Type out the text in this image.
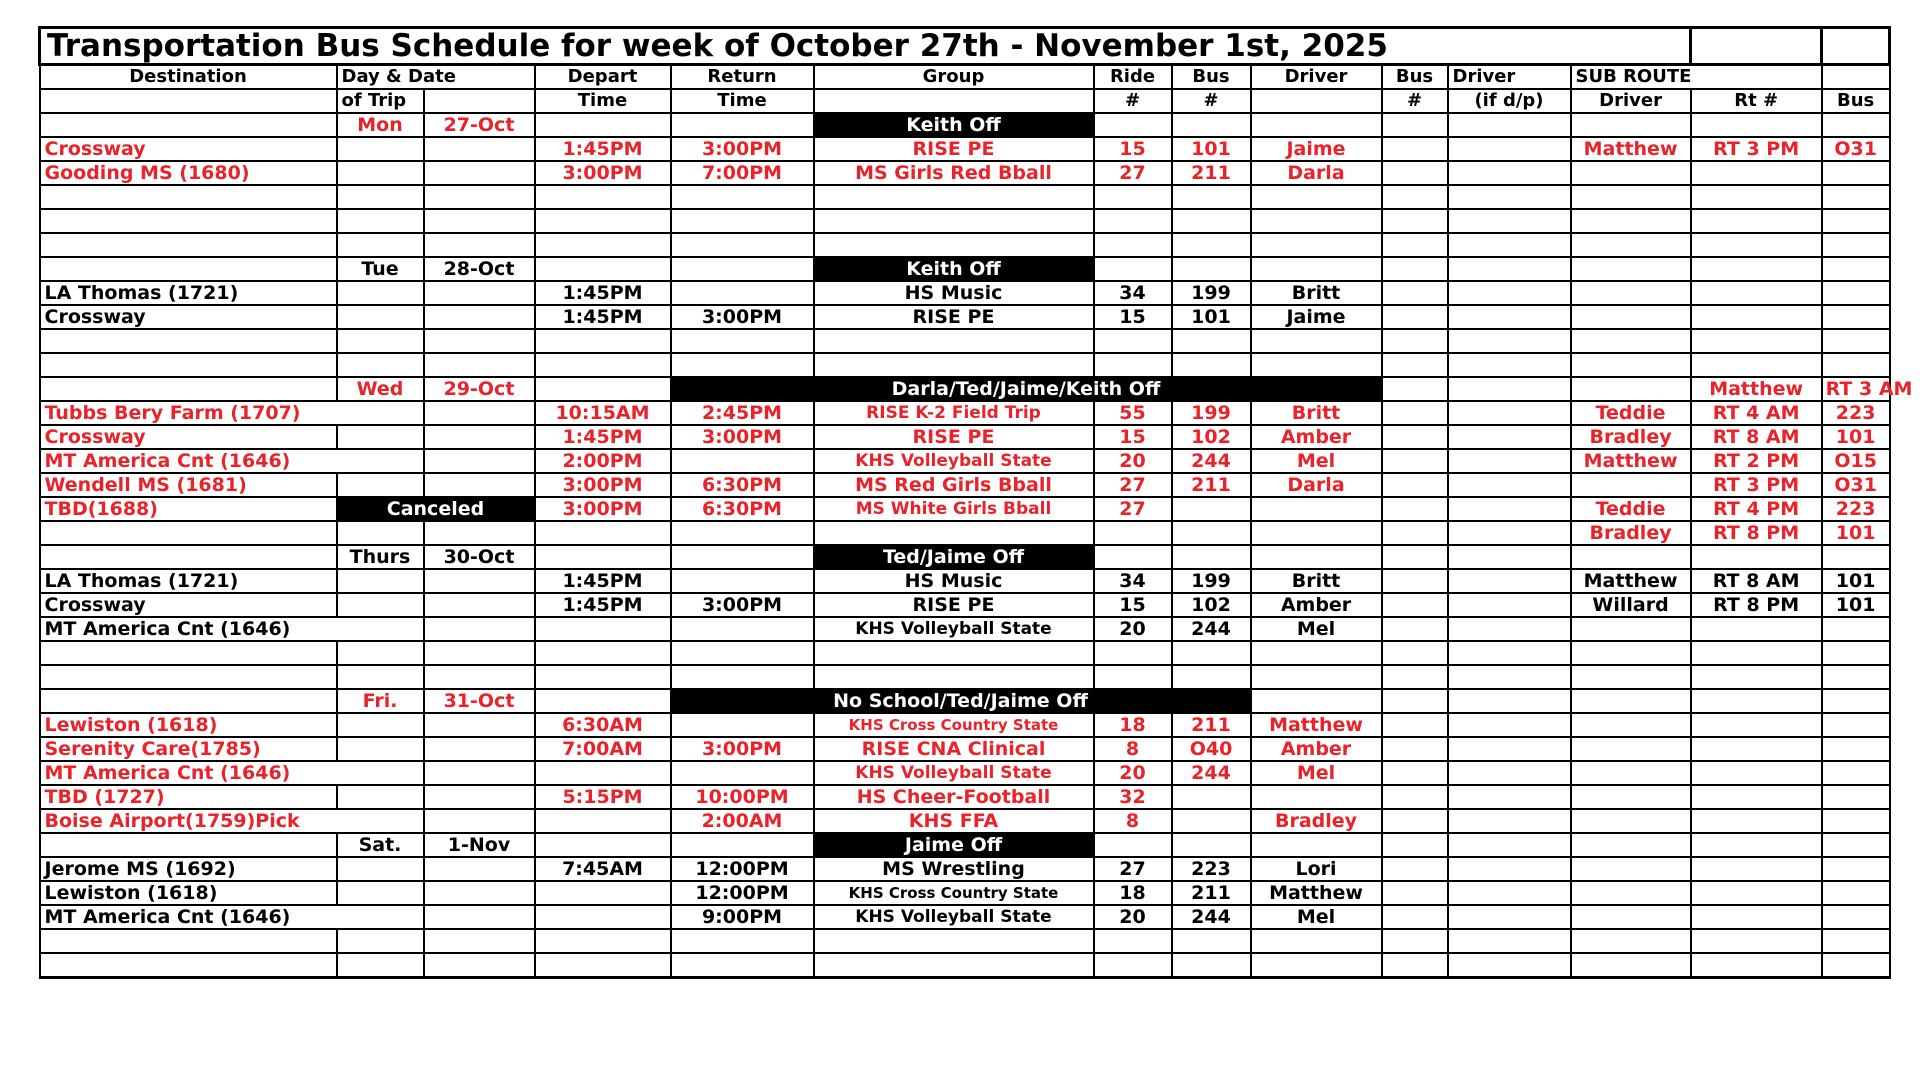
Transportation Bus Schedule for week of October 27th - November 1st, 2025														
Destination	Day & Date		Depart	Return	Group	Ride	Bus	Driver	Bus	Driver	SUB ROUTE			
	of Trip		Time	Time		#	#		#	(if d/p)	Driver	Rt #	Bus	
	Mon	27-Oct			Keith Off									
Crossway			1:45PM	3:00PM	RISE PE	15	101	Jaime			Matthew	RT 3 PM	O31	
Gooding MS (1680)			3:00PM	7:00PM	MS Girls Red Bball	27	211	Darla						

	Tue	28-Oct			Keith Off									
LA Thomas (1721)			1:45PM		HS Music	34	199	Britt						
Crossway			1:45PM	3:00PM	RISE PE	15	101	Jaime						

	Wed	29-Oct		Darla/Ted/Jaime/Keith Off								Matthew	RT 3 AM	
Tubbs Bery Farm (1707)			10:15AM	2:45PM	RISE K-2 Field Trip	55	199	Britt			Teddie	RT 4 AM	223	
Crossway			1:45PM	3:00PM	RISE PE	15	102	Amber			Bradley	RT 8 AM	101	
MT America Cnt (1646)			2:00PM		KHS Volleyball State	20	244	Mel			Matthew	RT 2 PM	O15	
Wendell MS (1681)			3:00PM	6:30PM	MS Red Girls Bball	27	211	Darla				RT 3 PM	O31	
TBD(1688)	Canceled		3:00PM	6:30PM	MS White Girls Bball	27					Teddie	RT 4 PM	223	
											Bradley	RT 8 PM	101	
	Thurs	30-Oct			Ted/Jaime Off									
LA Thomas (1721)			1:45PM		HS Music	34	199	Britt			Matthew	RT 8 AM	101	
Crossway			1:45PM	3:00PM	RISE PE	15	102	Amber			Willard	RT 8 PM	101	
MT America Cnt (1646)					KHS Volleyball State	20	244	Mel						

	Fri.	31-Oct		No School/Ted/Jaime Off										
Lewiston (1618)			6:30AM		KHS Cross Country State	18	211	Matthew						
Serenity Care(1785)			7:00AM	3:00PM	RISE CNA Clinical	8	O40	Amber						
MT America Cnt (1646)					KHS Volleyball State	20	244	Mel						
TBD (1727)			5:15PM	10:00PM	HS Cheer-Football	32								
Boise Airport(1759)Pick				2:00AM	KHS FFA	8		Bradley						
	Sat.	1-Nov			Jaime Off									
Jerome MS (1692)			7:45AM	12:00PM	MS Wrestling	27	223	Lori						
Lewiston (1618)				12:00PM	KHS Cross Country State	18	211	Matthew						
MT America Cnt (1646)				9:00PM	KHS Volleyball State	20	244	Mel						
